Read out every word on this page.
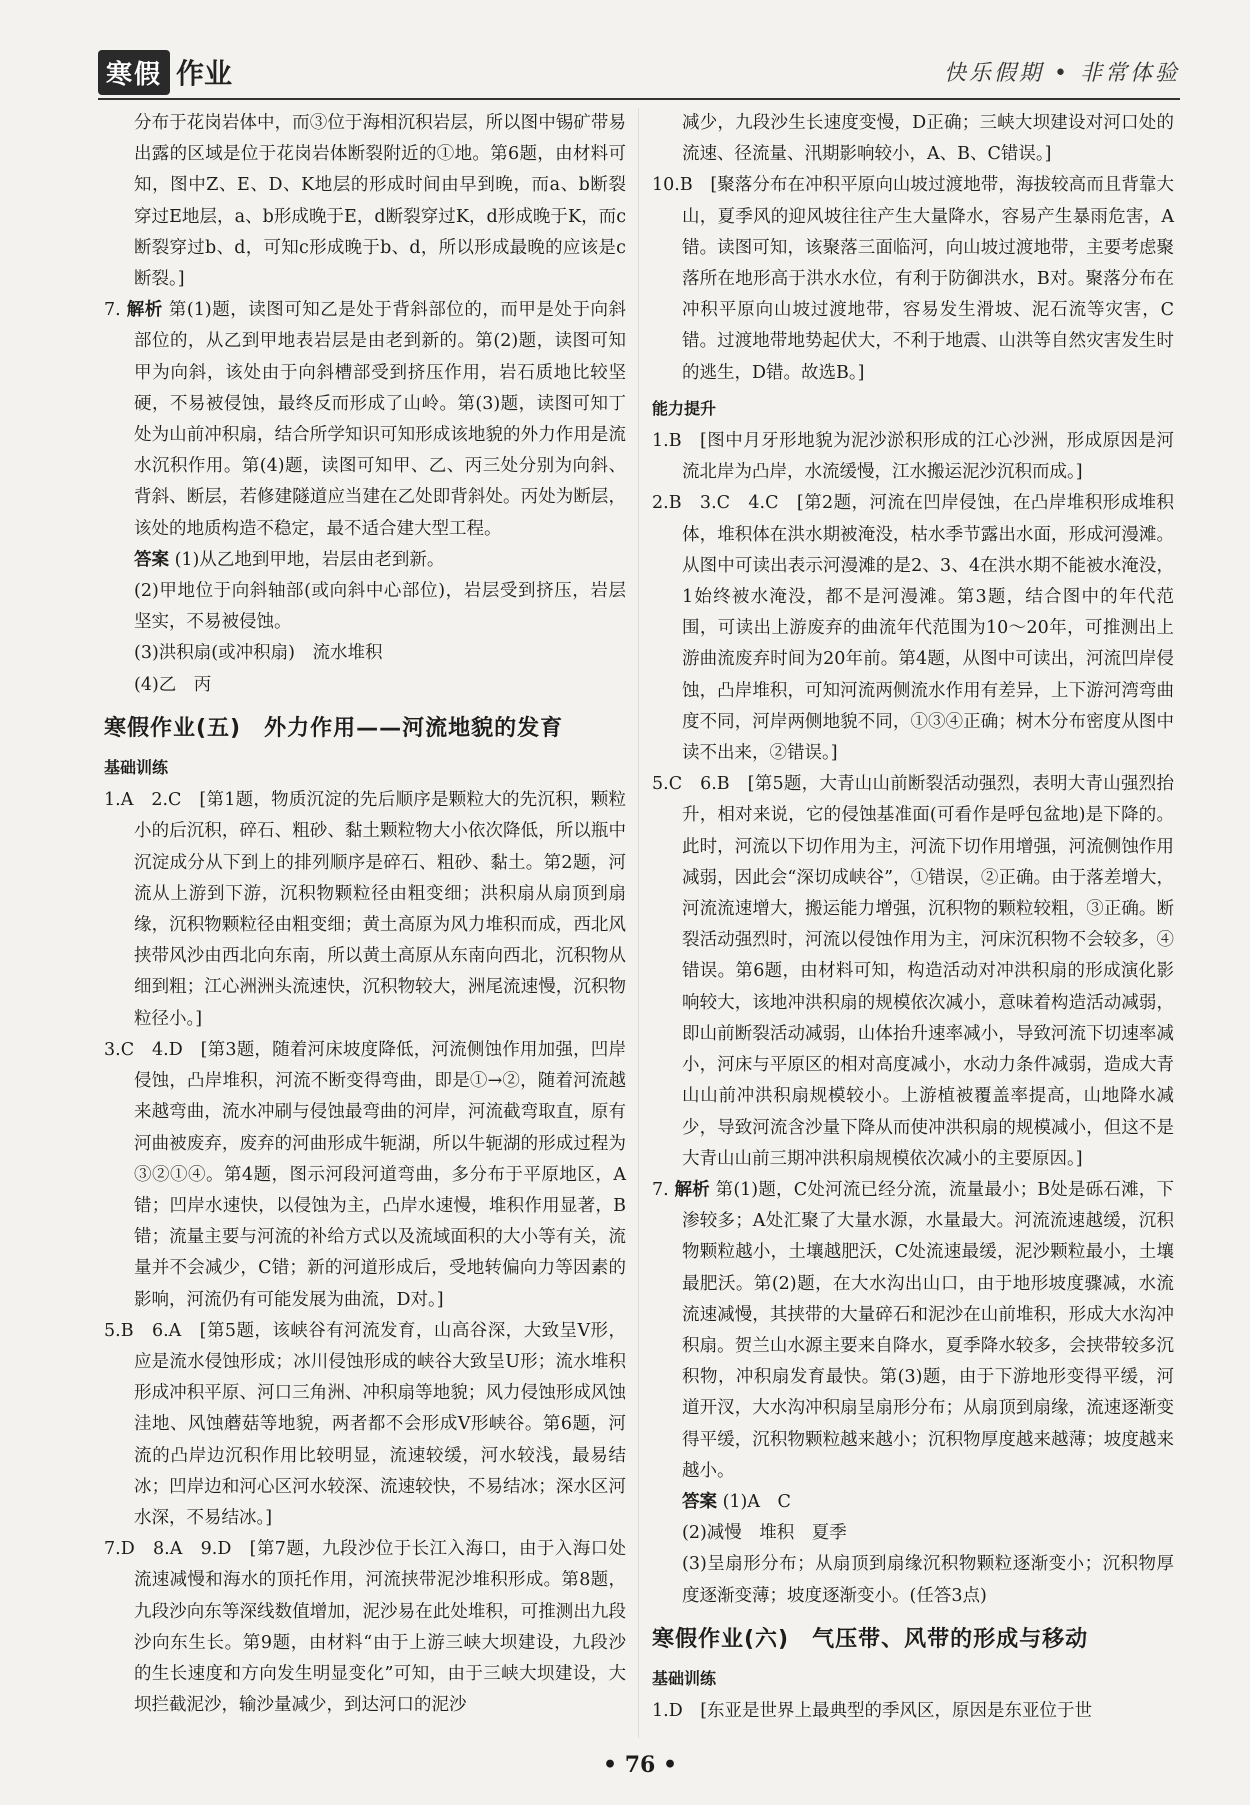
寒假 作业	快乐假期 • 非常体验

分布于花岗岩体中，而③位于海相沉积岩层，所以图中锡矿带易出露的区域是位于花岗岩体断裂附近的①地。第6题，由材料可知，图中Z、E、D、K地层的形成时间由早到晚，而a、b断裂穿过E地层，a、b形成晚于E，d断裂穿过K，d形成晚于K，而c断裂穿过b、d，可知c形成晚于b、d，所以形成最晚的应该是c断裂。]

7. 解析 第(1)题，读图可知乙是处于背斜部位的，而甲是处于向斜部位的，从乙到甲地表岩层是由老到新的。第(2)题，读图可知甲为向斜，该处由于向斜槽部受到挤压作用，岩石质地比较坚硬，不易被侵蚀，最终反而形成了山岭。第(3)题，读图可知丁处为山前冲积扇，结合所学知识可知形成该地貌的外力作用是流水沉积作用。第(4)题，读图可知甲、乙、丙三处分别为向斜、背斜、断层，若修建隧道应当建在乙处即背斜处。丙处为断层，该处的地质构造不稳定，最不适合建大型工程。

答案 (1)从乙地到甲地，岩层由老到新。

(2)甲地位于向斜轴部(或向斜中心部位)，岩层受到挤压，岩层坚实，不易被侵蚀。

(3)洪积扇(或冲积扇)　流水堆积

(4)乙　丙

寒假作业(五)　外力作用——河流地貌的发育
基础训练

1.A　2.C　[第1题，物质沉淀的先后顺序是颗粒大的先沉积，颗粒小的后沉积，碎石、粗砂、黏土颗粒物大小依次降低，所以瓶中沉淀成分从下到上的排列顺序是碎石、粗砂、黏土。第2题，河流从上游到下游，沉积物颗粒径由粗变细；洪积扇从扇顶到扇缘，沉积物颗粒径由粗变细；黄土高原为风力堆积而成，西北风挟带风沙由西北向东南，所以黄土高原从东南向西北，沉积物从细到粗；江心洲洲头流速快，沉积物较大，洲尾流速慢，沉积物粒径小。]

3.C　4.D　[第3题，随着河床坡度降低，河流侧蚀作用加强，凹岸侵蚀，凸岸堆积，河流不断变得弯曲，即是①→②，随着河流越来越弯曲，流水冲刷与侵蚀最弯曲的河岸，河流截弯取直，原有河曲被废弃，废弃的河曲形成牛轭湖，所以牛轭湖的形成过程为③②①④。第4题，图示河段河道弯曲，多分布于平原地区，A错；凹岸水速快，以侵蚀为主，凸岸水速慢，堆积作用显著，B错；流量主要与河流的补给方式以及流域面积的大小等有关，流量并不会减少，C错；新的河道形成后，受地转偏向力等因素的影响，河流仍有可能发展为曲流，D对。]

5.B　6.A　[第5题，该峡谷有河流发育，山高谷深，大致呈V形，应是流水侵蚀形成；冰川侵蚀形成的峡谷大致呈U形；流水堆积形成冲积平原、河口三角洲、冲积扇等地貌；风力侵蚀形成风蚀洼地、风蚀蘑菇等地貌，两者都不会形成V形峡谷。第6题，河流的凸岸边沉积作用比较明显，流速较缓，河水较浅，最易结冰；凹岸边和河心区河水较深、流速较快，不易结冰；深水区河水深，不易结冰。]

7.D　8.A　9.D　[第7题，九段沙位于长江入海口，由于入海口处流速减慢和海水的顶托作用，河流挟带泥沙堆积形成。第8题，九段沙向东等深线数值增加，泥沙易在此处堆积，可推测出九段沙向东生长。第9题，由材料“由于上游三峡大坝建设，九段沙的生长速度和方向发生明显变化”可知，由于三峡大坝建设，大坝拦截泥沙，输沙量减少，到达河口的泥沙

减少，九段沙生长速度变慢，D正确；三峡大坝建设对河口处的流速、径流量、汛期影响较小，A、B、C错误。]

10.B　[聚落分布在冲积平原向山坡过渡地带，海拔较高而且背靠大山，夏季风的迎风坡往往产生大量降水，容易产生暴雨危害，A错。读图可知，该聚落三面临河，向山坡过渡地带，主要考虑聚落所在地形高于洪水水位，有利于防御洪水，B对。聚落分布在冲积平原向山坡过渡地带，容易发生滑坡、泥石流等灾害，C错。过渡地带地势起伏大，不利于地震、山洪等自然灾害发生时的逃生，D错。故选B。]

能力提升

1.B　[图中月牙形地貌为泥沙淤积形成的江心沙洲，形成原因是河流北岸为凸岸，水流缓慢，江水搬运泥沙沉积而成。]

2.B　3.C　4.C　[第2题，河流在凹岸侵蚀，在凸岸堆积形成堆积体，堆积体在洪水期被淹没，枯水季节露出水面，形成河漫滩。从图中可读出表示河漫滩的是2、3、4在洪水期不能被水淹没，1始终被水淹没，都不是河漫滩。第3题，结合图中的年代范围，可读出上游废弃的曲流年代范围为10～20年，可推测出上游曲流废弃时间为20年前。第4题，从图中可读出，河流凹岸侵蚀，凸岸堆积，可知河流两侧流水作用有差异，上下游河湾弯曲度不同，河岸两侧地貌不同，①③④正确；树木分布密度从图中读不出来，②错误。]

5.C　6.B　[第5题，大青山山前断裂活动强烈，表明大青山强烈抬升，相对来说，它的侵蚀基准面(可看作是呼包盆地)是下降的。此时，河流以下切作用为主，河流下切作用增强，河流侧蚀作用减弱，因此会“深切成峡谷”，①错误，②正确。由于落差增大，河流流速增大，搬运能力增强，沉积物的颗粒较粗，③正确。断裂活动强烈时，河流以侵蚀作用为主，河床沉积物不会较多，④错误。第6题，由材料可知，构造活动对冲洪积扇的形成演化影响较大，该地冲洪积扇的规模依次减小，意味着构造活动减弱，即山前断裂活动减弱，山体抬升速率减小，导致河流下切速率减小，河床与平原区的相对高度减小，水动力条件减弱，造成大青山山前冲洪积扇规模较小。上游植被覆盖率提高，山地降水减少，导致河流含沙量下降从而使冲洪积扇的规模减小，但这不是大青山山前三期冲洪积扇规模依次减小的主要原因。]

7. 解析 第(1)题，C处河流已经分流，流量最小；B处是砾石滩，下渗较多；A处汇聚了大量水源，水量最大。河流流速越缓，沉积物颗粒越小，土壤越肥沃，C处流速最缓，泥沙颗粒最小，土壤最肥沃。第(2)题，在大水沟出山口，由于地形坡度骤减，水流流速减慢，其挟带的大量碎石和泥沙在山前堆积，形成大水沟冲积扇。贺兰山水源主要来自降水，夏季降水较多，会挟带较多沉积物，冲积扇发育最快。第(3)题，由于下游地形变得平缓，河道开汊，大水沟冲积扇呈扇形分布；从扇顶到扇缘，流速逐渐变得平缓，沉积物颗粒越来越小；沉积物厚度越来越薄；坡度越来越小。

答案 (1)A　C

(2)减慢　堆积　夏季

(3)呈扇形分布；从扇顶到扇缘沉积物颗粒逐渐变小；沉积物厚度逐渐变薄；坡度逐渐变小。(任答3点)

寒假作业(六)　气压带、风带的形成与移动
基础训练

1.D　[东亚是世界上最典型的季风区，原因是东亚位于世

• 76 •
